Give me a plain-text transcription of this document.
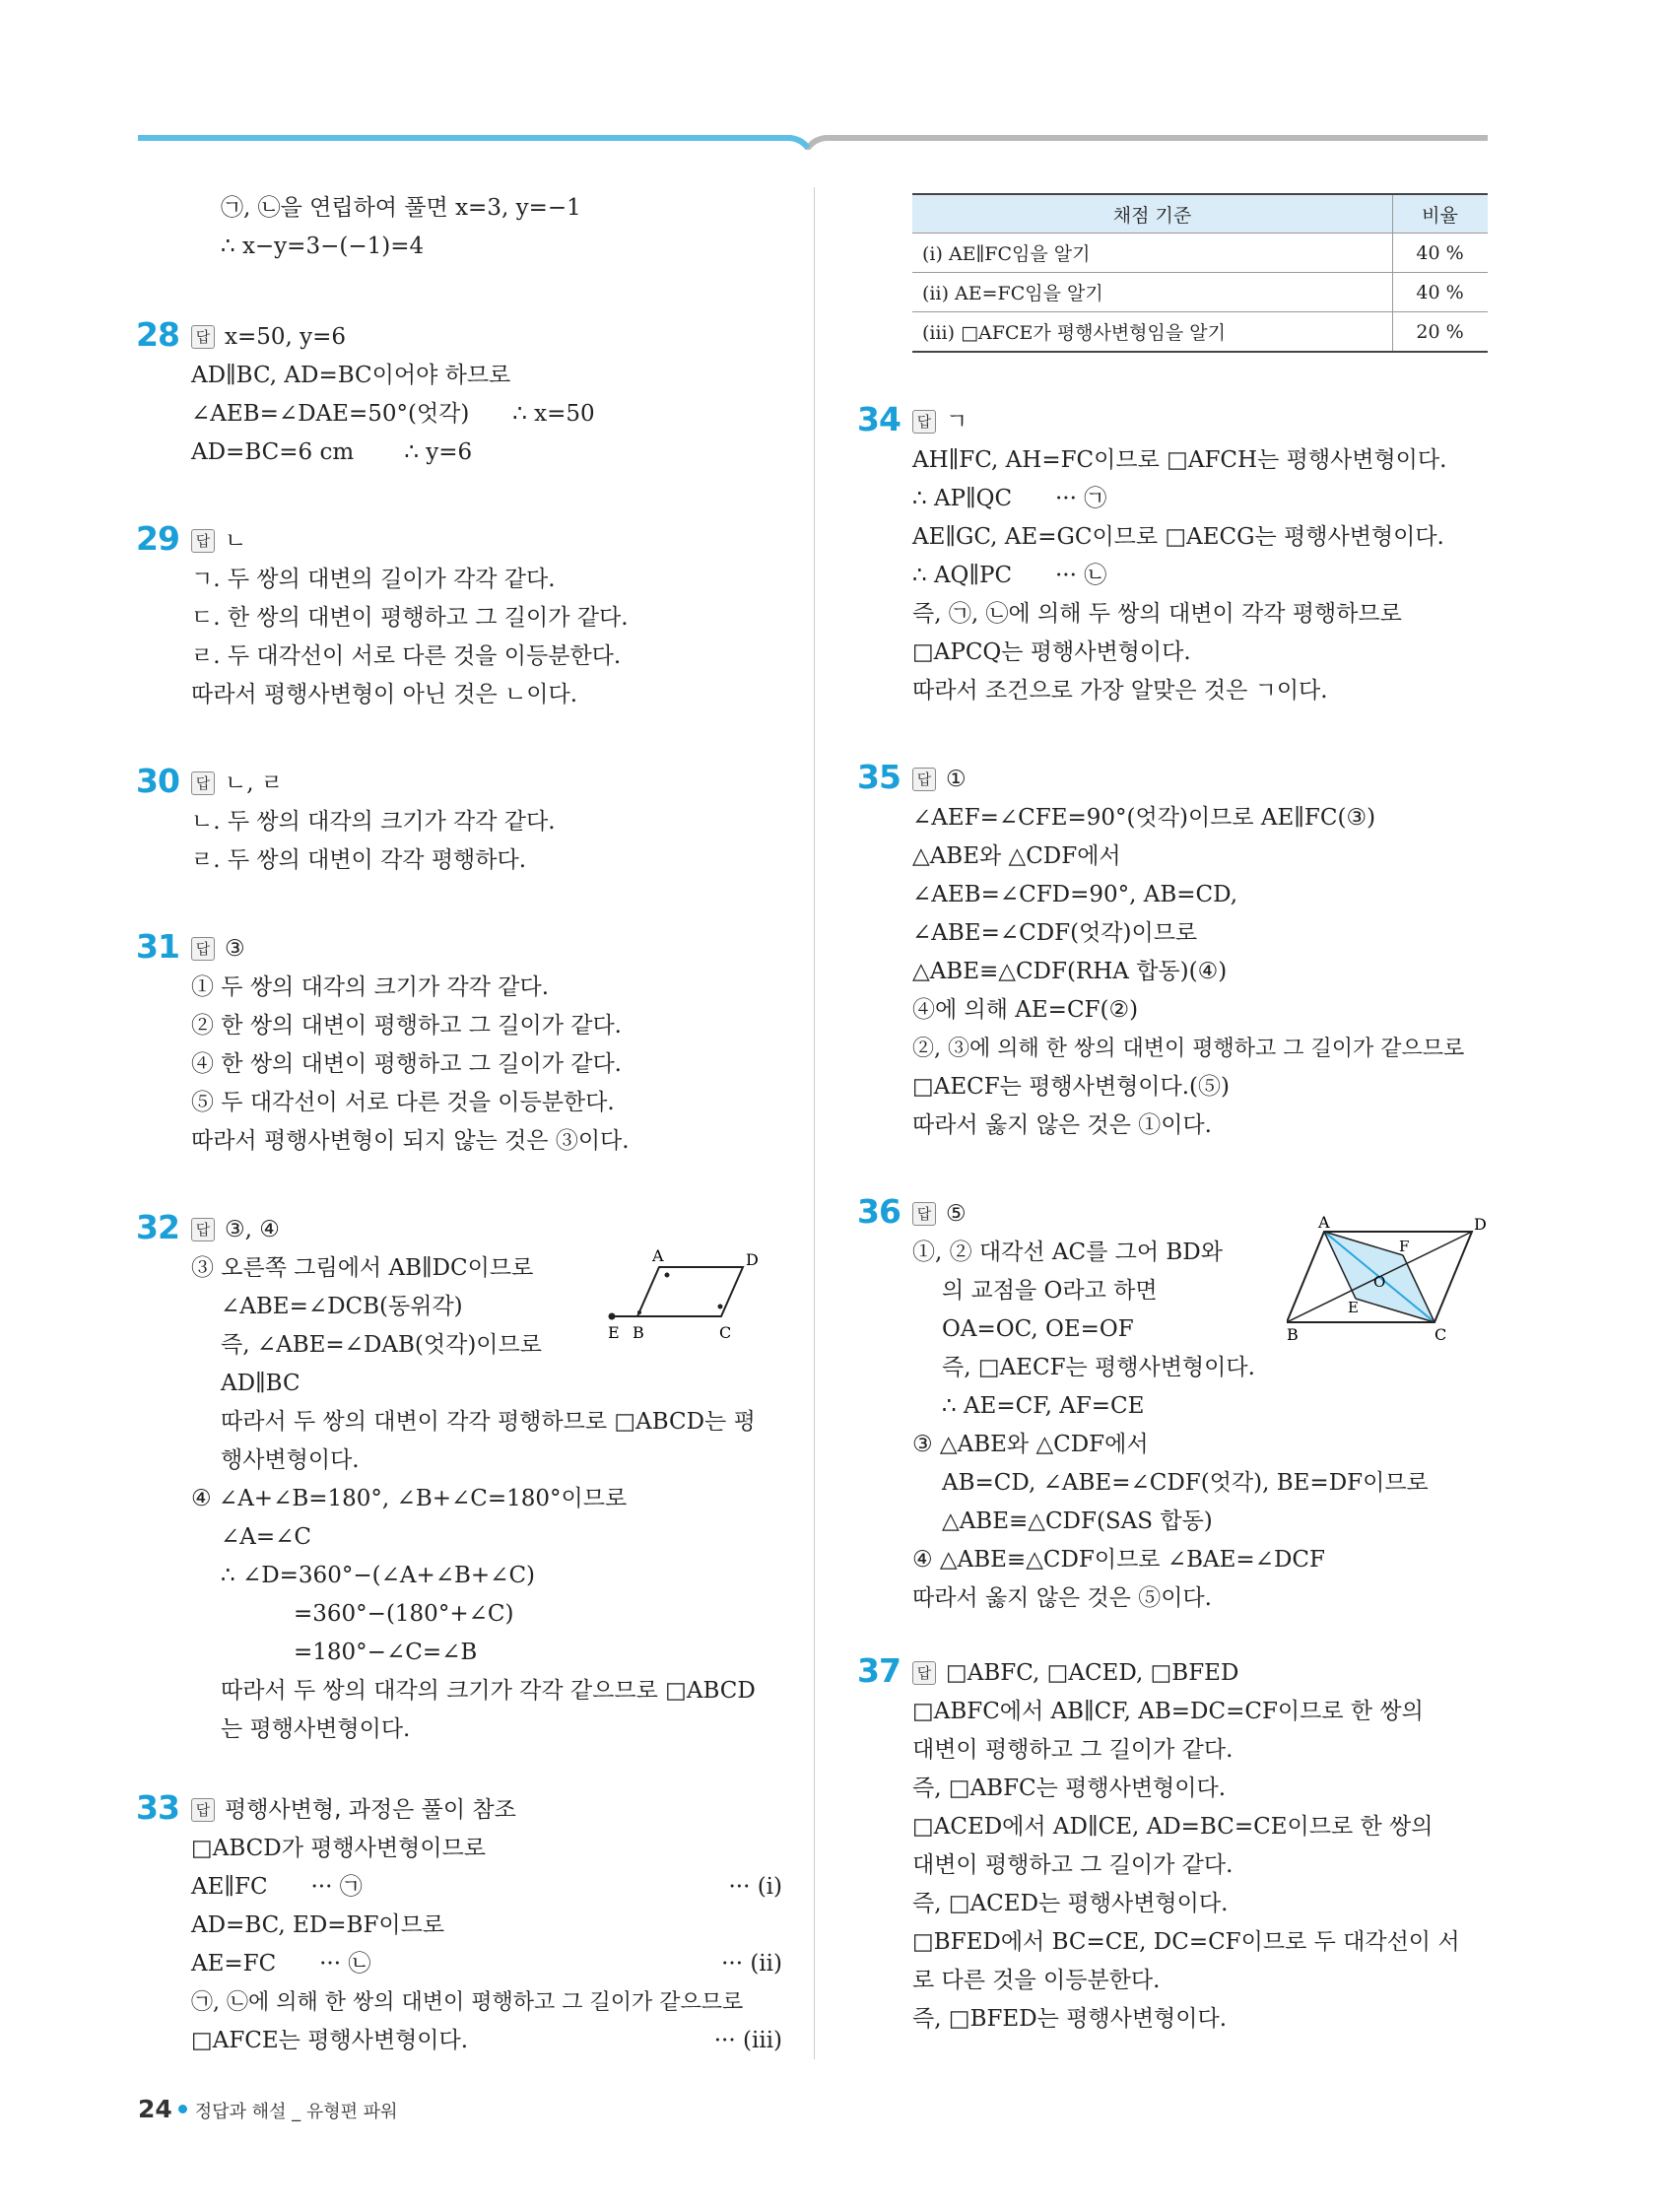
㉠, ㉡을 연립하여 풀면 x=3, y=−1
∴ x−y=3−(−1)=4
28	답 x=50, y=6
AD∥BC, AD=BC이어야 하므로
∠AEB=∠DAE=50°(엇각)      ∴ x=50
AD=BC=6 cm       ∴ y=6
29	답 ㄴ
ㄱ. 두 쌍의 대변의 길이가 각각 같다.
ㄷ. 한 쌍의 대변이 평행하고 그 길이가 같다.
ㄹ. 두 대각선이 서로 다른 것을 이등분한다.
따라서 평행사변형이 아닌 것은 ㄴ이다.
30	답 ㄴ, ㄹ
ㄴ. 두 쌍의 대각의 크기가 각각 같다.
ㄹ. 두 쌍의 대변이 각각 평행하다.
31	답 ③
① 두 쌍의 대각의 크기가 각각 같다.
② 한 쌍의 대변이 평행하고 그 길이가 같다.
④ 한 쌍의 대변이 평행하고 그 길이가 같다.
⑤ 두 대각선이 서로 다른 것을 이등분한다.
따라서 평행사변형이 되지 않는 것은 ③이다.
32	답 ③, ④
③ 오른쪽 그림에서 AB∥DC이므로
∠ABE=∠DCB(동위각)
즉, ∠ABE=∠DAB(엇각)이므로
AD∥BC
따라서 두 쌍의 대변이 각각 평행하므로 □ABCD는 평
행사변형이다.
④ ∠A+∠B=180°, ∠B+∠C=180°이므로
∠A=∠C
∴ ∠D=360°−(∠A+∠B+∠C)
=360°−(180°+∠C)
=180°−∠C=∠B
따라서 두 쌍의 대각의 크기가 각각 같으므로 □ABCD
는 평행사변형이다.
A	D
E B	C
33	답 평행사변형, 과정은 풀이 참조
□ABCD가 평행사변형이므로
··· (ⅰ)
AE∥FC      ··· ㉠
AD=BC, ED=BF이므로
··· (ⅱ)
AE=FC      ··· ㉡
㉠, ㉡에 의해 한 쌍의 대변이 평행하고 그 길이가 같으므로
··· (ⅲ)
□AFCE는 평행사변형이다.
채점 기준	비율
(ⅰ) AE∥FC임을 알기	40 %
(ⅱ) AE=FC임을 알기	40 %
(ⅲ) □AFCE가 평행사변형임을 알기	20 %
34	답 ㄱ
AH∥FC, AH=FC이므로 □AFCH는 평행사변형이다.
∴ AP∥QC      ··· ㉠
AE∥GC, AE=GC이므로 □AECG는 평행사변형이다.
∴ AQ∥PC      ··· ㉡
즉, ㉠, ㉡에 의해 두 쌍의 대변이 각각 평행하므로
□APCQ는 평행사변형이다.
따라서 조건으로 가장 알맞은 것은 ㄱ이다.
35	답 ①
∠AEF=∠CFE=90°(엇각)이므로 AE∥FC(③)
△ABE와 △CDF에서
∠AEB=∠CFD=90°, AB=CD,
∠ABE=∠CDF(엇각)이므로
△ABE≡△CDF(RHA 합동)(④)
④에 의해 AE=CF(②)
②, ③에 의해 한 쌍의 대변이 평행하고 그 길이가 같으므로
□AECF는 평행사변형이다.(⑤)
따라서 옳지 않은 것은 ①이다.
36	답 ⑤
①, ② 대각선 AC를 그어 BD와
의 교점을 O라고 하면
OA=OC, OE=OF
즉, □AECF는 평행사변형이다.
∴ AE=CF, AF=CE
③ △ABE와 △CDF에서
AB=CD, ∠ABE=∠CDF(엇각), BE=DF이므로
△ABE≡△CDF(SAS 합동)
④ △ABE≡△CDF이므로 ∠BAE=∠DCF
따라서 옳지 않은 것은 ⑤이다.
A	D
F
O
E
B	C
37	답 □ABFC, □ACED, □BFED
□ABFC에서 AB∥CF, AB=DC=CF이므로 한 쌍의
대변이 평행하고 그 길이가 같다.
즉, □ABFC는 평행사변형이다.
□ACED에서 AD∥CE, AD=BC=CE이므로 한 쌍의
대변이 평행하고 그 길이가 같다.
즉, □ACED는 평행사변형이다.
□BFED에서 BC=CE, DC=CF이므로 두 대각선이 서
로 다른 것을 이등분한다.
즉, □BFED는 평행사변형이다.
24 정답과 해설 _ 유형편 파워
